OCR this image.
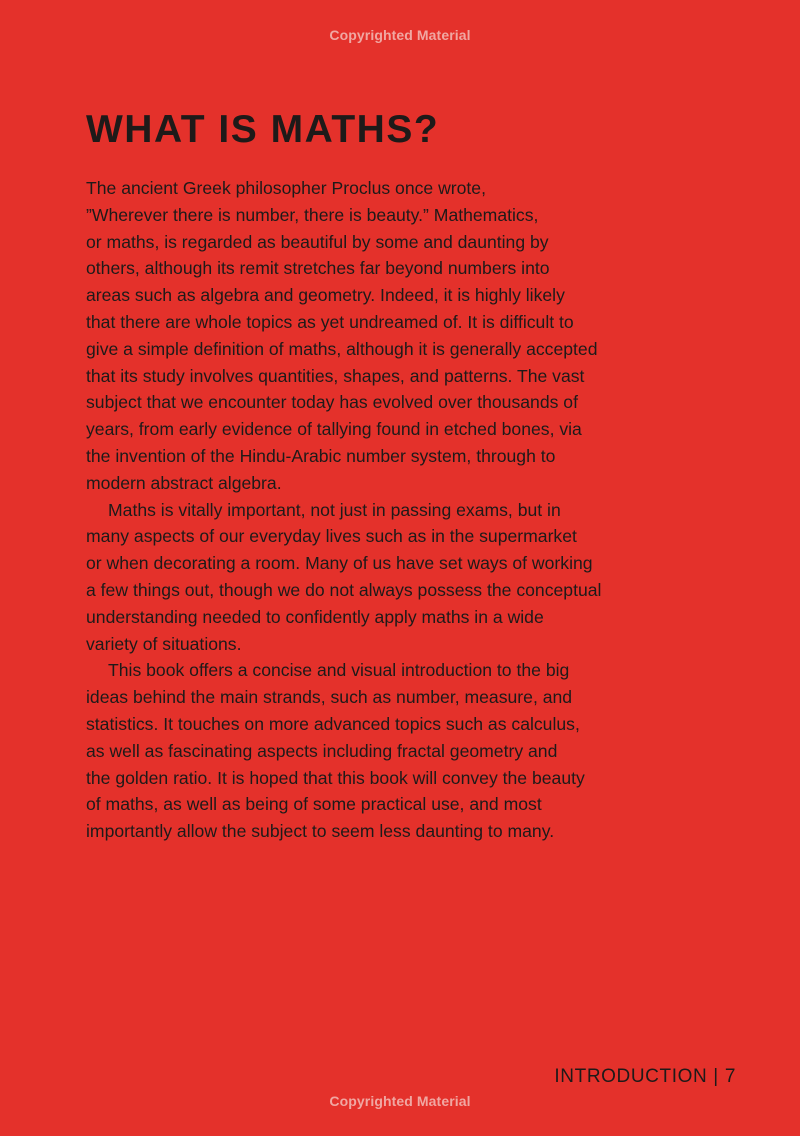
Copyrighted Material
WHAT IS MATHS?
The ancient Greek philosopher Proclus once wrote,
”Wherever there is number, there is beauty.” Mathematics,
or maths, is regarded as beautiful by some and daunting by
others, although its remit stretches far beyond numbers into
areas such as algebra and geometry. Indeed, it is highly likely
that there are whole topics as yet undreamed of. It is difficult to
give a simple definition of maths, although it is generally accepted
that its study involves quantities, shapes, and patterns. The vast
subject that we encounter today has evolved over thousands of
years, from early evidence of tallying found in etched bones, via
the invention of the Hindu-Arabic number system, through to
modern abstract algebra.
Maths is vitally important, not just in passing exams, but in
many aspects of our everyday lives such as in the supermarket
or when decorating a room. Many of us have set ways of working
a few things out, though we do not always possess the conceptual
understanding needed to confidently apply maths in a wide
variety of situations.
This book offers a concise and visual introduction to the big
ideas behind the main strands, such as number, measure, and
statistics. It touches on more advanced topics such as calculus,
as well as fascinating aspects including fractal geometry and
the golden ratio. It is hoped that this book will convey the beauty
of maths, as well as being of some practical use, and most
importantly allow the subject to seem less daunting to many.
INTRODUCTION | 7
Copyrighted Material
